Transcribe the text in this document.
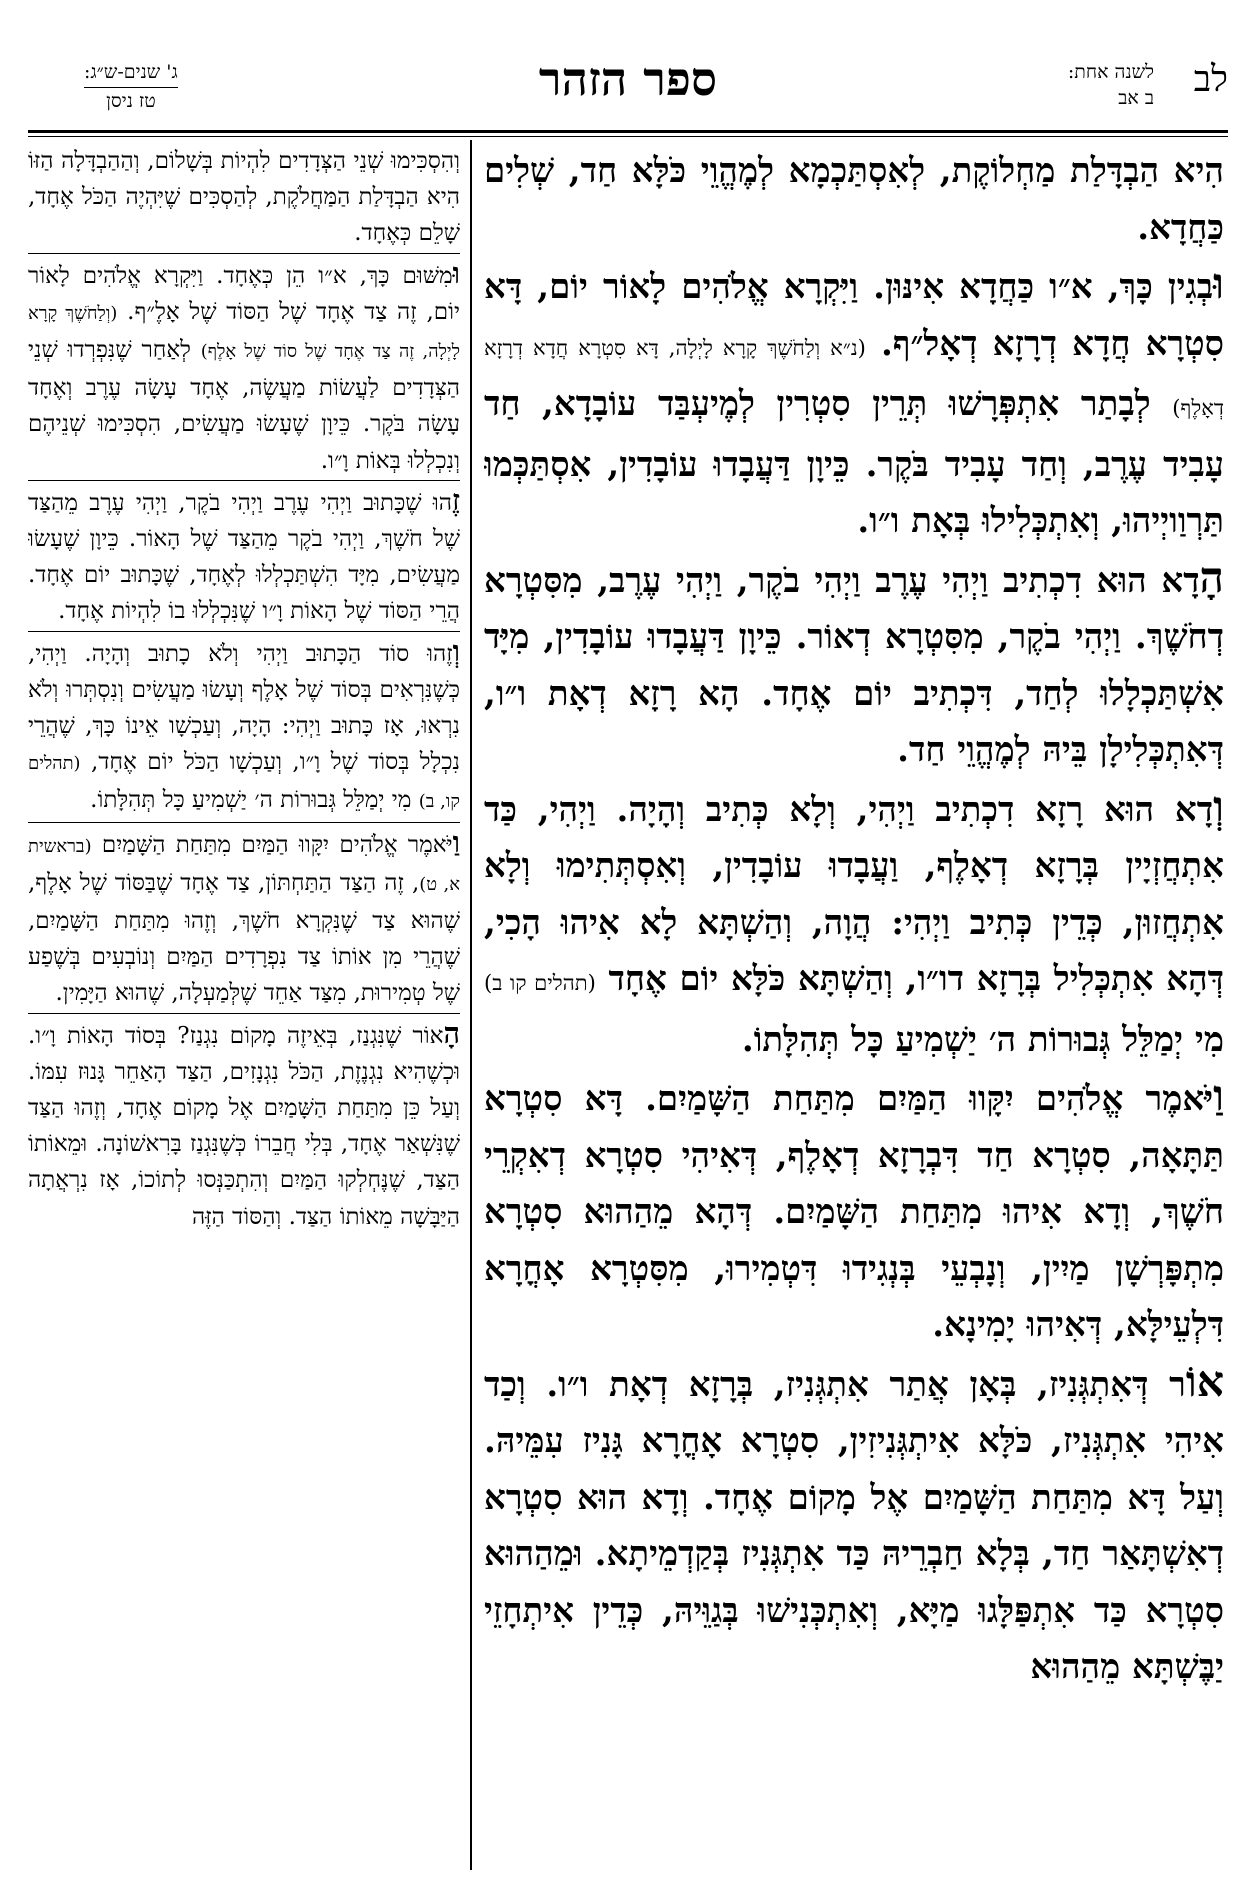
לב
לשנה אחת:
ב אב
ספר הזהר
ג' שנים-ש״ג:
טז ניסן

הִיא הַבְדָּלַת מַחְלוֹקֶת, לְאִסְתַּכְמָא לְמֶהֱוֵי כֹּלָּא חַד, שְׁלִים כַּחֲדָא.

וּבְגִין כָּךְ, א״ו כַּחֲדָא אִינּוּן. וַיִּקְרָא אֱלֹהִים לָאוֹר יוֹם, דָּא סִטְרָא חֲדָא דְרָזָא דְאָל״ף. (נ״א וְלַחֹשֶׁךְ קָרָא לָיְלָה, דָּא סִטְרָא חֲדָא דְרָזָא דְאָלֶף) לְבָתַר אִתְפְּרָשׁוּ תְּרֵין סִטְרִין לְמֶיעְבַּד עוֹבָדָא, חַד עָבִיד עֶרֶב, וְחַד עָבִיד בֹּקֶר. כֵּיוָן דַּעֲבָדוּ עוֹבָדִין, אִסְתַּכְּמוּ תַּרְוַויְיהוּ, וְאִתְכְּלִילוּ בְּאָת ו״ו.

הָדָא הוּא דִכְתִיב וַיְהִי עֶרֶב וַיְהִי בֹקֶר, וַיְהִי עֶרֶב, מִסִּטְרָא דְחֹשֶׁךְ. וַיְהִי בֹקֶר, מִסִּטְרָא דְאוֹר. כֵּיוָן דַּעֲבָדוּ עוֹבָדִין, מִיָּד אִשְׁתַּכְלָלוּ לְחַד, דִּכְתִיב יוֹם אֶחָד. הָא רָזָא דְאָת ו״ו, דְּאִתְכְּלִילָן בֵּיהּ לְמֶהֱוֵי חַד.

וְדָא הוּא רָזָא דִכְתִיב וַיְהִי, וְלָא כְּתִיב וְהָיָה. וַיְהִי, כַּד אִתְחֲזְיָין בְּרָזָא דְאָלֶף, וַעֲבָדוּ עוֹבָדִין, וְאִסְתְּתִימוּ וְלָא אִתְחֲזוּן, כְּדֵין כְּתִיב וַיְהִי: הֲוָה, וְהַשְׁתָּא לָא אִיהוּ הָכִי, דְּהָא אִתְכְּלִיל בְּרָזָא דו״ו, וְהַשְׁתָּא כֹּלָּא יוֹם אֶחָד (תהלים קו ב) מִי יְמַלֵּל גְּבוּרוֹת ה׳ יַשְׁמִיעַ כָּל תְּהִלָּתוֹ.

וַיֹּאמֶר אֱלֹהִים יִקָּווּ הַמַּיִם מִתַּחַת הַשָּׁמַיִם. דָּא סִטְרָא תַּתָּאָה, סִטְרָא חַד דִּבְרָזָא דְאָלֶף, דְּאִיהִי סִטְרָא דְאִקְרֵי חֹשֶׁךְ, וְדָא אִיהוּ מִתַּחַת הַשָּׁמַיִם. דְּהָא מֵהַהוּא סִטְרָא מִתְפָּרְשָׁן מַיִין, וְנָבְעֵי בְּנְגִידוּ דִּטְמִירוּ, מִסִּטְרָא אָחֳרָא דִּלְעֵילָּא, דְּאִיהוּ יָמִינָא.

אוֹר דְּאִתְגְּנִיז, בְּאָן אֲתַר אִתְגְּנִיז, בְּרָזָא דְאָת ו״ו. וְכַד אִיהִי אִתְגְּנִיז, כֹּלָּא אִיתְגְּנִיזִין, סִטְרָא אָחֳרָא גָּנִיז עִמֵּיהּ. וְעַל דָּא מִתַּחַת הַשָּׁמַיִם אֶל מָקוֹם אֶחָד. וְדָא הוּא סִטְרָא דְאִשְׁתָּאַר חַד, בְּלָא חַבְרֵיהּ כַּד אִתְגְּנִיז בְּקַדְמֵיתָא. וּמֵהַהוּא סִטְרָא כַּד אִתְפַּלָּגוּ מַיָּא, וְאִתְכְּנִישׁוּ בְּגַוֵּיהּ, כְּדֵין אִיתְחָזֵי יַבֶּשְׁתָּא מֵהַהוּא

וְהִסְכִּימוּ שְׁנֵי הַצְּדָדִים לִהְיוֹת בְּשָׁלוֹם, וְהַהַבְדָּלָה הַזּוֹ הִיא הַבְדָּלַת הַמַּחֲלֹקֶת, לְהַסְכִּים שֶׁיִּהְיֶה הַכֹּל אֶחָד, שָׁלֵם כְּאֶחָד.

וּמִשּׁוּם כָּךְ, א״ו הֵן כְּאֶחָד. וַיִּקְרָא אֱלֹהִים לָאוֹר יוֹם, זֶה צַד אֶחָד שֶׁל הַסּוֹד שֶׁל אָלֶ״ף. (וְלַחֹשֶׁךְ קָרָא לָיְלָה, זֶה צַד אֶחָד שֶׁל סוֹד שֶׁל אָלֶף) לְאַחַר שֶׁנִּפְרְדוּ שְׁנֵי הַצְּדָדִים לַעֲשׂוֹת מַעֲשֶׂה, אֶחָד עָשָׂה עֶרֶב וְאֶחָד עָשָׂה בֹּקֶר. כֵּיוָן שֶׁעָשׂוּ מַעֲשִׂים, הִסְכִּימוּ שְׁנֵיהֶם וְנִכְלְלוּ בְּאוֹת וָ״ו.

זֶהוּ שֶׁכָּתוּב וַיְהִי עֶרֶב וַיְהִי בֹקֶר, וַיְהִי עֶרֶב מֵהַצַּד שֶׁל חֹשֶׁךְ, וַיְהִי בֹקֶר מֵהַצַּד שֶׁל הָאוֹר. כֵּיוָן שֶׁעָשׂוּ מַעֲשִׂים, מִיָּד הִשְׁתַּכְלְלוּ לְאֶחָד, שֶׁכָּתוּב יוֹם אֶחָד. הֲרֵי הַסּוֹד שֶׁל הָאוֹת וָ״ו שֶׁנִּכְלְלוּ בוֹ לִהְיוֹת אֶחָד.

וְזֶהוּ סוֹד הַכָּתוּב וַיְהִי וְלֹא כָתוּב וְהָיָה. וַיְהִי, כְּשֶׁנִּרְאִים בְּסוֹד שֶׁל אָלֶף וְעָשׂוּ מַעֲשִׂים וְנִסְתְּרוּ וְלֹא נִרְאוּ, אָז כָּתוּב וַיְהִי: הָיָה, וְעַכְשָׁו אֵינוֹ כָּךְ, שֶׁהֲרֵי נִכְלָל בְּסוֹד שֶׁל וָ״ו, וְעַכְשָׁו הַכֹּל יוֹם אֶחָד, (תהלים קו, ב) מִי יְמַלֵּל גְּבוּרוֹת ה׳ יַשְׁמִיעַ כָּל תְּהִלָּתוֹ.

וַיֹּאמֶר אֱלֹהִים יִקָּווּ הַמַּיִם מִתַּחַת הַשָּׁמַיִם (בראשית א, ט), זֶה הַצַּד הַתַּחְתּוֹן, צַד אֶחָד שֶׁבַּסּוֹד שֶׁל אָלֶף, שֶׁהוּא צַד שֶׁנִּקְרָא חֹשֶׁךְ, וְזֶהוּ מִתַּחַת הַשָּׁמַיִם, שֶׁהֲרֵי מִן אוֹתוֹ צַד נִפְרָדִים הַמַּיִם וְנוֹבְעִים בְּשֶׁפַע שֶׁל טְמִירוּת, מִצַּד אַחֵד שֶׁלְּמַעְלָה, שֶׁהוּא הַיָּמִין.

הָאוֹר שֶׁנִּגְנַז, בְּאֵיזֶה מָקוֹם נִגְנַז? בְּסוֹד הָאוֹת וָ״ו. וּכְשֶׁהִיא נִגְנֶזֶת, הַכֹּל נִגְנָזִים, הַצַּד הָאַחֵר גָּנוּז עִמּוֹ. וְעַל כֵּן מִתַּחַת הַשָּׁמַיִם אֶל מָקוֹם אֶחָד, וְזֶהוּ הַצַּד שֶׁנִּשְׁאַר אֶחָד, בְּלִי חֲבֵרוֹ כְּשֶׁנִּגְנַז בָּרִאשׁוֹנָה. וּמֵאוֹתוֹ הַצַּד, שֶׁנֶּחְלְקוּ הַמַּיִם וְהִתְכַּנְּסוּ לְתוֹכוֹ, אָז נִרְאֲתָה הַיַּבָּשָׁה מֵאוֹתוֹ הַצַּד. וְהַסּוֹד הַזֶּה
